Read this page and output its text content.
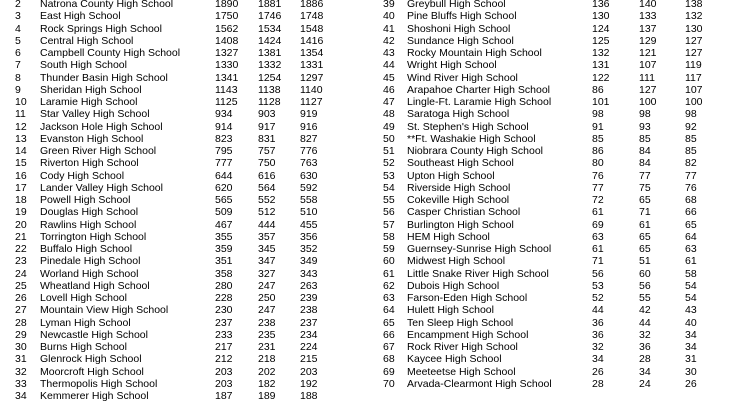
2 Natrona County High School	1890 1881 1886
3 East High School	1750 1746 1748
4 Rock Springs High School	1562 1534 1548
5 Central High School	1408 1424 1416
6 Campbell County High School	1327 1381 1354
7 South High School	1330 1332 1331
8 Thunder Basin High School	1341 1254 1297
9 Sheridan High School	1143 1138 1140
10 Laramie High School	1125 1128 1127
11 Star Valley High School	934 903 919
12 Jackson Hole High School	914 917 916
13 Evanston High School	823 831 827
14 Green River High School	795 757 776
15 Riverton High School	777 750 763
16 Cody High School	644 616 630
17 Lander Valley High School	620 564 592
18 Powell High School	565 552 558
19 Douglas High School	509 512 510
20 Rawlins High School	467 444 455
21 Torrington High School	355 357 356
22 Buffalo High School	359 345 352
23 Pinedale High School	351 347 349
24 Worland High School	358 327 343
25 Wheatland High School	280 247 263
26 Lovell High School	228 250 239
27 Mountain View High School	230 247 238
28 Lyman High School	237 238 237
29 Newcastle High School	233 235 234
30 Burns High School	217 231 224
31 Glenrock High School	212 218 215
32 Moorcroft High School	203 202 203
33 Thermopolis High School	203 182 192
34 Kemmerer High School	187 189 188
39 Greybull High School	136	140	138
40 Pine Bluffs High School	130	133	132
41 Shoshoni High School	124	137	130
42 Sundance High School	125	129	127
43 Rocky Mountain High School	132	121	127
44 Wright High School	131	107	119
45 Wind River High School	122	111	117
46 Arapahoe Charter High School	86	127	107
47 Lingle-Ft. Laramie High School	101	100	100
48 Saratoga High School	98	98	98
49 St. Stephen's High School	91	93	92
50 **Ft. Washakie High School	85	85	85
51 Niobrara County High School	86	84	85
52 Southeast High School	80	84	82
53 Upton High School	76	77	77
54 Riverside High School	77	75	76
55 Cokeville High School	72	65	68
56 Casper Christian School	61	71	66
57 Burlington High School	69	61	65
58 HEM High School	63	65	64
59 Guernsey-Sunrise High School	61	65	63
60 Midwest High School	71	51	61
61 Little Snake River High School	56	60	58
62 Dubois High School	53	56	54
63 Farson-Eden High School	52	55	54
64 Hulett High School	44	42	43
65 Ten Sleep High School	36	44	40
66 Encampment High School	36	32	34
67 Rock River High School	32	36	34
68 Kaycee High School	34	28	31
69 Meeteetse High School	26	34	30
70 Arvada-Clearmont High School	28	24	26
